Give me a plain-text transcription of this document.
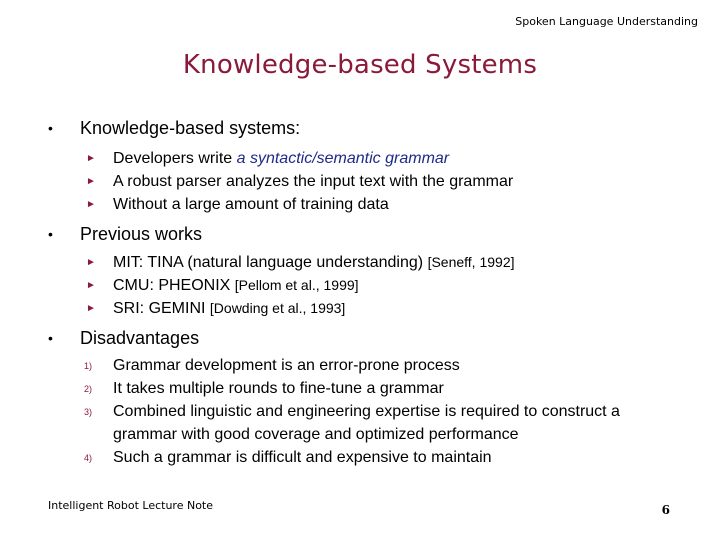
Spoken Language Understanding
Knowledge-based Systems
• Knowledge-based systems:
► Developers write a syntactic/semantic grammar
► A robust parser analyzes the input text with the grammar
► Without a large amount of training data
• Previous works
► MIT: TINA (natural language understanding) [Seneff, 1992]
► CMU: PHEONIX [Pellom et al., 1999]
► SRI: GEMINI [Dowding et al., 1993]
• Disadvantages
1) Grammar development is an error-prone process
2) It takes multiple rounds to fine-tune a grammar
3) Combined linguistic and engineering expertise is required to construct a grammar with good coverage and optimized performance
4) Such a grammar is difficult and expensive to maintain
Intelligent Robot Lecture Note	6
